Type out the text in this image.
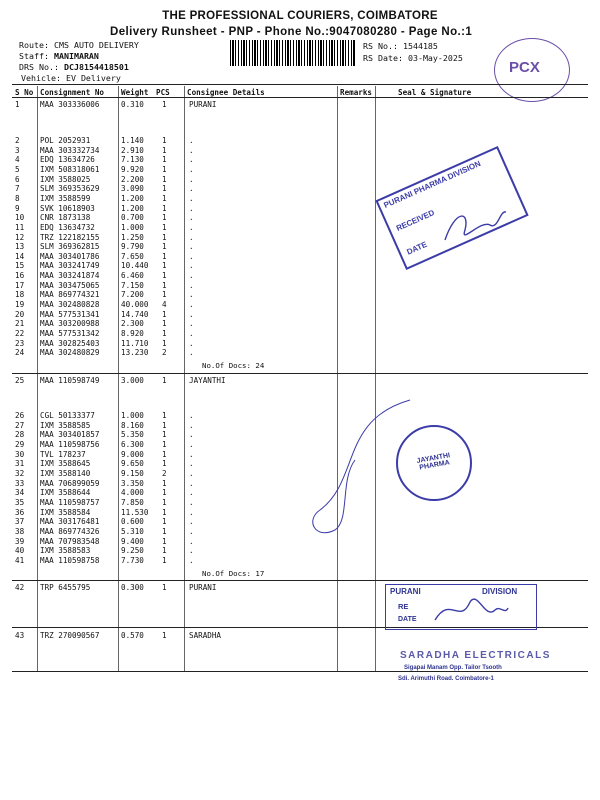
THE PROFESSIONAL COURIERS, COIMBATORE
Delivery Runsheet - PNP - Phone No.:9047080280 - Page No.:1
Route: CMS AUTO DELIVERY
Staff: MANIMARAN
DRS No.: DCJ8154418501
Vehicle: EV Delivery
RS No.: 1544185
RS Date: 03-May-2025
PCX
S No Consignment No Weight PCS Consignee Details	Remarks	Seal & Signature
1	MAA 303336006	0.310 1	PURANI
2	POL 2052931	1.140 1	.
3	MAA 303332734	2.910 1	.
4	EDQ 13634726	7.130 1	.
5	IXM 508318061	9.920 1	.
6	IXM 3588025	2.200 1	.
7	SLM 369353629	3.090 1	.
8	IXM 3588599	1.200 1	.
9	SVK 10618903	1.200 1	.
10 CNR 1873138	0.700 1	.
11 EDQ 13634732	1.000 1	.
12 TRZ 122182155	1.250 1	.
13 SLM 369362815	9.790 1	.
14 MAA 303401786	7.650 1	.
15 MAA 303241749	10.440 1	.
16 MAA 303241874	6.460 1	.
17 MAA 303475065	7.150 1	.
18 MAA 869774321	7.200 1	.
19 MAA 302480828	40.000 4	.
20 MAA 577531341	14.740 1	.
21 MAA 303200988	2.300 1	.
22 MAA 577531342	8.920 1	.
23 MAA 302825403	11.710 1	.
24 MAA 302480829	13.230 2	.
No.Of Docs: 24
25 MAA 110598749	3.000 1	JAYANTHI
26 CGL 50133377	1.000 1	.
27 IXM 3588585	8.160 1	.
28 MAA 303401857	5.350 1	.
29 MAA 110598756	6.300 1	.
30 TVL 178237	9.000 1	.
31 IXM 3588645	9.650 1	.
32 IXM 3588140	9.150 2	.
33 MAA 706899059	3.350 1	.
34 IXM 3588644	4.000 1	.
35 MAA 110598757	7.850 1	.
36 IXM 3588584	11.530 1	.
37 MAA 303176481	0.600 1	.
38 MAA 869774326	5.310 1	.
39 MAA 707983548	9.400 1	.
40 IXM 3588583	9.250 1	.
41 MAA 110598758	7.730 1	.
No.Of Docs: 17
42 TRP 6455795	0.300 1	PURANI
43 TRZ 270090567	0.570 1	SARADHA
PURANI PHARMA DIVISION
RECEIVED
DATE
JAYANTHI PHARMA
PURANI	DIVISION
RE
DATE
SARADHA ELECTRICALS
Sigapai Manam Opp. Tailor Tsooth
Sdi. Arimuthi Road. Coimbatore-1
